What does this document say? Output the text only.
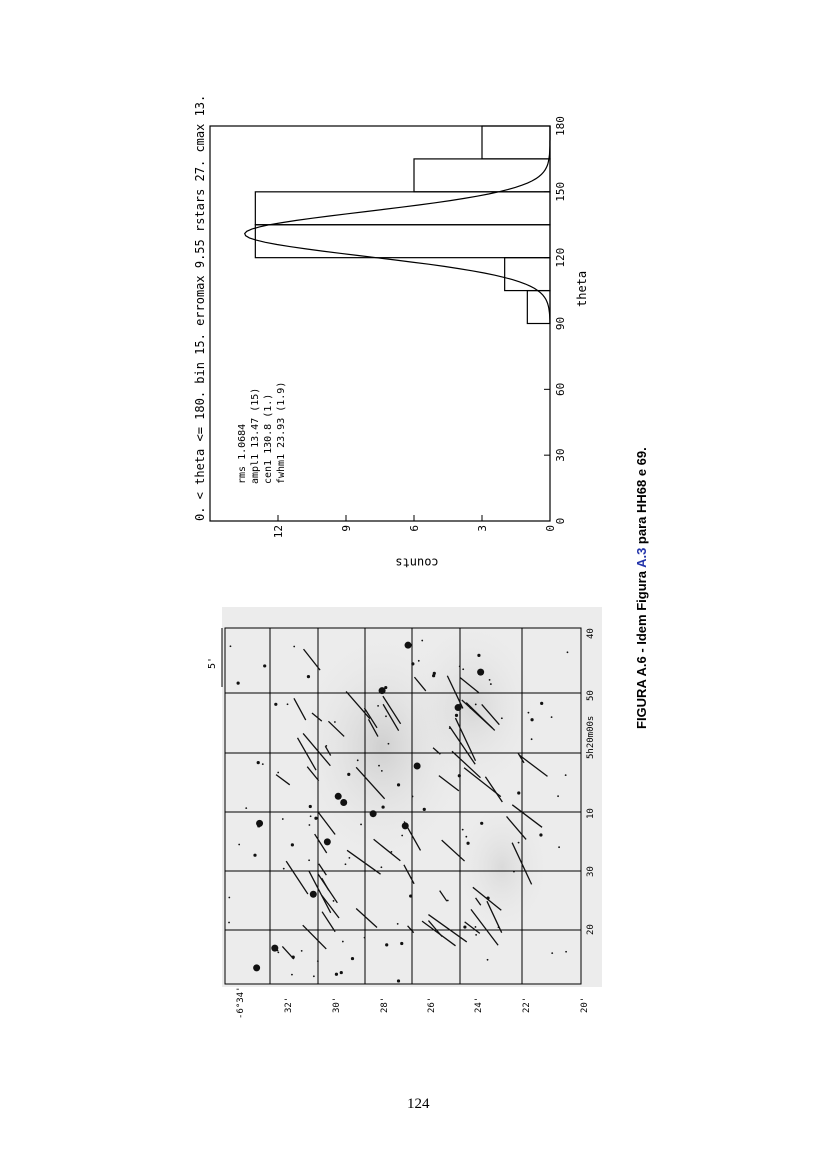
5'
5h20m00s
50
40
30
20
10
20'
22'
24'
26'
28'
30'
32'
-6°34'
0. < theta <= 180. bin 15. erromax 9.55 rstars 27. cmax 13.
0
3
6
9
12
0
30
60
90
120
150
180
rms 1.0684 ampl1 13.47 (15) cen1 130.8 (1.) fwhm1 23.93 (1.9)
theta
counts
FIGURA A.6 - Idem Figura A.3 para HH68 e 69.
124
